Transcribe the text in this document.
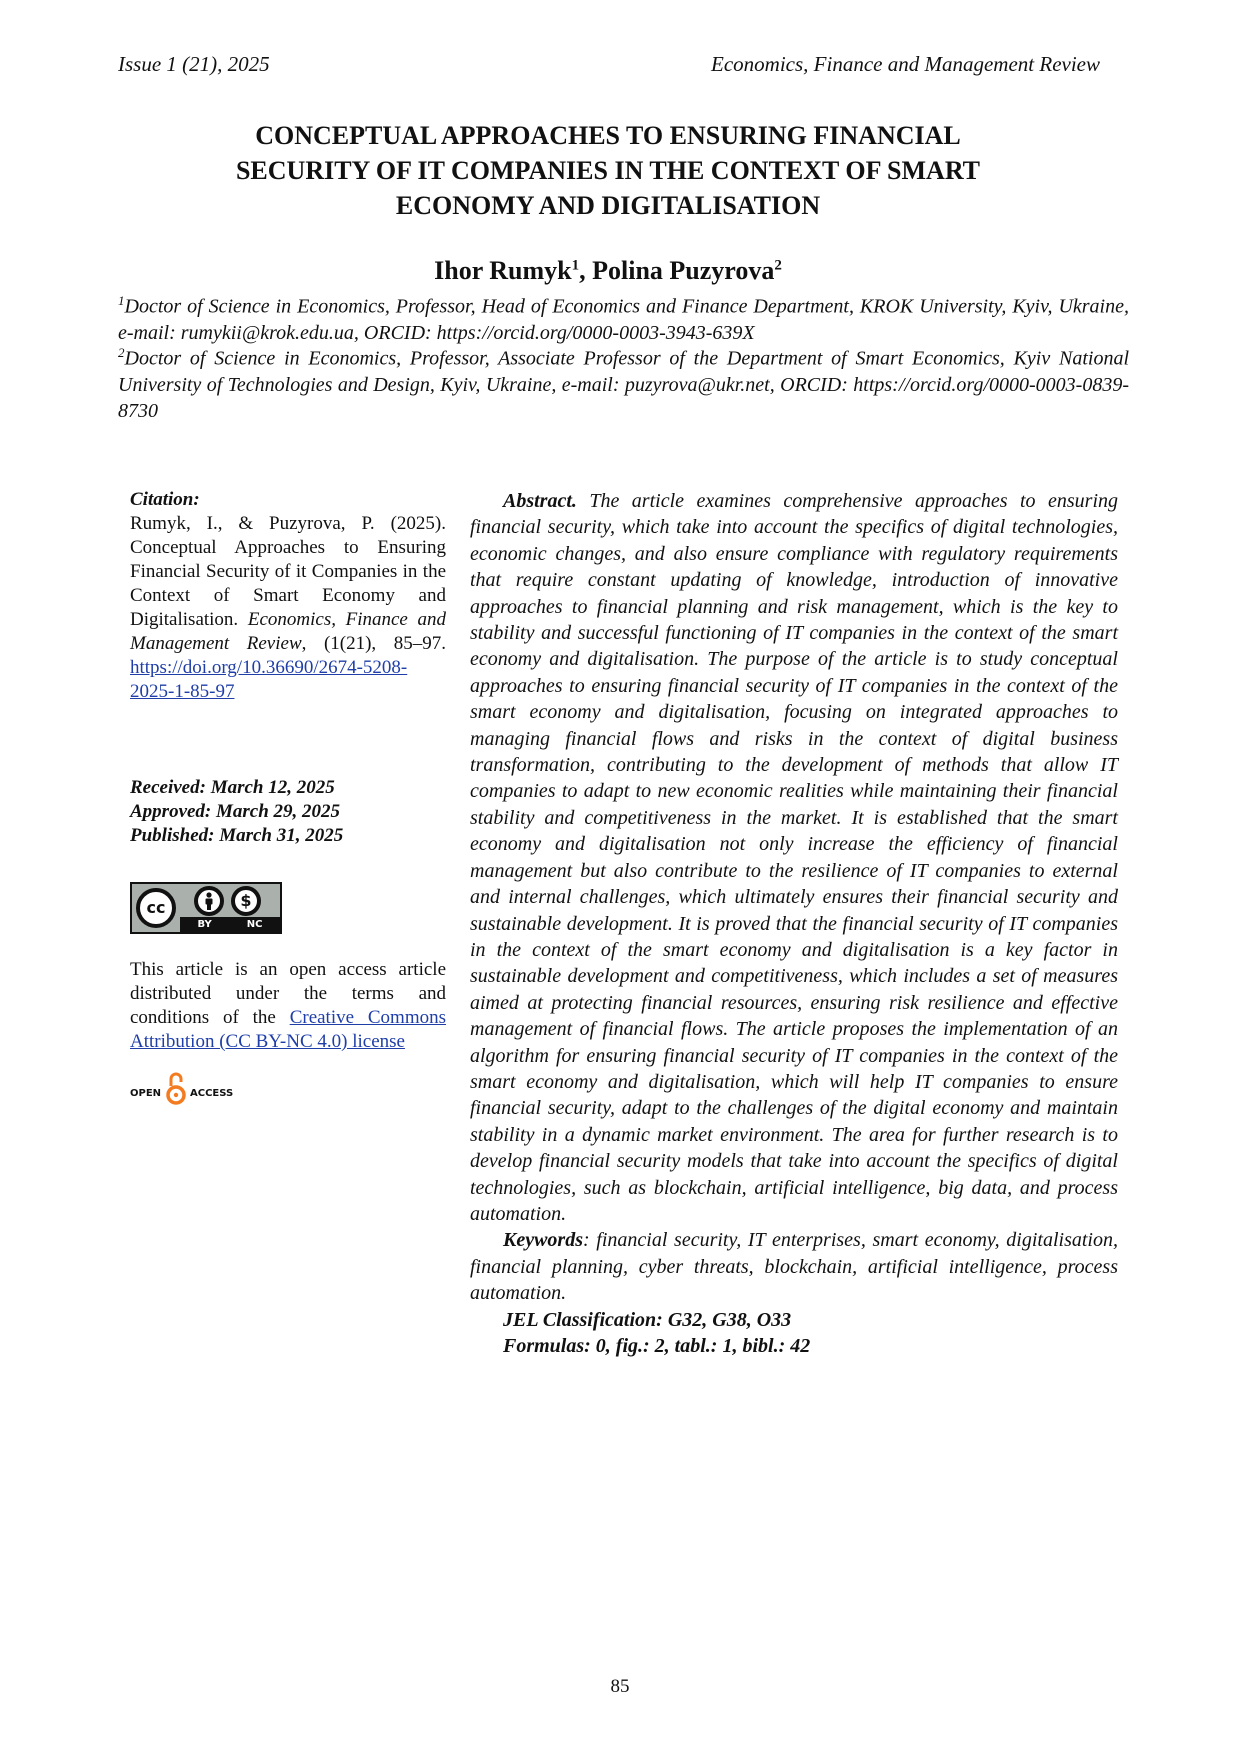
Issue 1 (21), 2025	Economics, Finance and Management Review
CONCEPTUAL APPROACHES TO ENSURING FINANCIAL
SECURITY OF IT COMPANIES IN THE CONTEXT OF SMART
ECONOMY AND DIGITALISATION
Ihor Rumyk$^1$, Polina Puzyrova$^2$
$^1$Doctor of Science in Economics, Professor, Head of Economics and Finance Department, KROK University, Kyiv, Ukraine, e-mail: rumykii@krok.edu.ua, ORCID: https://orcid.org/0000-0003-3943-639X
$^2$Doctor of Science in Economics, Professor, Associate Professor of the Department of Smart Economics, Kyiv National University of Technologies and Design, Kyiv, Ukraine, e-mail: puzyrova@ukr.net, ORCID: https://orcid.org/0000-0003-0839-8730
Citation:
Rumyk, I., & Puzyrova, P. (2025). Conceptual Approaches to Ensuring Financial Security of it Companies in the Context of Smart Economy and Digitalisation. Economics, Finance and Management Review, (1(21), 85–97. https://doi.org/10.36690/2674-5208-2025-1-85-97
Received: March 12, 2025
Approved: March 29, 2025
Published: March 31, 2025
cc	$
BY	NC
This article is an open access article distributed under the terms and conditions of the Creative Commons Attribution (CC BY-NC 4.0) license
OPEN	ACCESS

Abstract. The article examines comprehensive approaches to ensuring financial security, which take into account the specifics of digital technologies, economic changes, and also ensure compliance with regulatory requirements that require constant updating of knowledge, introduction of innovative approaches to financial planning and risk management, which is the key to stability and successful functioning of IT companies in the context of the smart economy and digitalisation. The purpose of the article is to study conceptual approaches to ensuring financial security of IT companies in the context of the smart economy and digitalisation, focusing on integrated approaches to managing financial flows and risks in the context of digital business transformation, contributing to the development of methods that allow IT companies to adapt to new economic realities while maintaining their financial stability and competitiveness in the market. It is established that the smart economy and digitalisation not only increase the efficiency of financial management but also contribute to the resilience of IT companies to external and internal challenges, which ultimately ensures their financial security and sustainable development. It is proved that the financial security of IT companies in the context of the smart economy and digitalisation is a key factor in sustainable development and competitiveness, which includes a set of measures aimed at protecting financial resources, ensuring risk resilience and effective management of financial flows. The article proposes the implementation of an algorithm for ensuring financial security of IT companies in the context of the smart economy and digitalisation, which will help IT companies to ensure financial security, adapt to the challenges of the digital economy and maintain stability in a dynamic market environment. The area for further research is to develop financial security models that take into account the specifics of digital technologies, such as blockchain, artificial intelligence, big data, and process automation.

Keywords: financial security, IT enterprises, smart economy, digitalisation, financial planning, cyber threats, blockchain, artificial intelligence, process automation.

JEL Classification: G32, G38, O33

Formulas: 0, fig.: 2, tabl.: 1, bibl.: 42

85
